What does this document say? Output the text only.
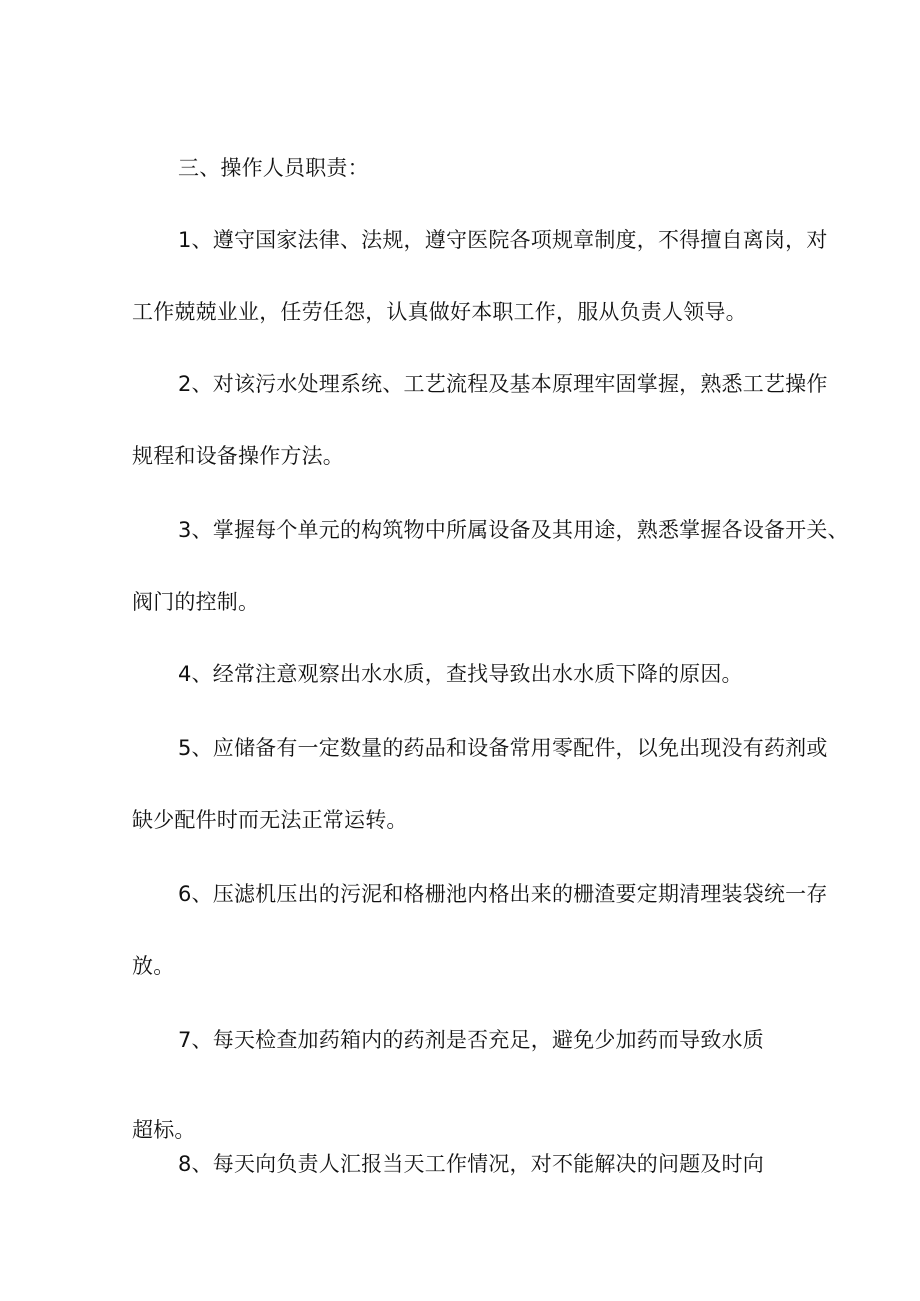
三、操作人员职责：
1、遵守国家法律、法规，遵守医院各项规章制度，不得擅自离岗，对
工作兢兢业业，任劳任怨，认真做好本职工作，服从负责人领导。
2、对该污水处理系统、工艺流程及基本原理牢固掌握，熟悉工艺操作
规程和设备操作方法。
3、掌握每个单元的构筑物中所属设备及其用途，熟悉掌握各设备开关、
阀门的控制。
4、经常注意观察出水水质，查找导致出水水质下降的原因。
5、应储备有一定数量的药品和设备常用零配件，以免出现没有药剂或
缺少配件时而无法正常运转。
6、压滤机压出的污泥和格栅池内格出来的栅渣要定期清理装袋统一存
放。
7、每天检查加药箱内的药剂是否充足，避免少加药而导致水质
超标。
8、每天向负责人汇报当天工作情况，对不能解决的问题及时向
